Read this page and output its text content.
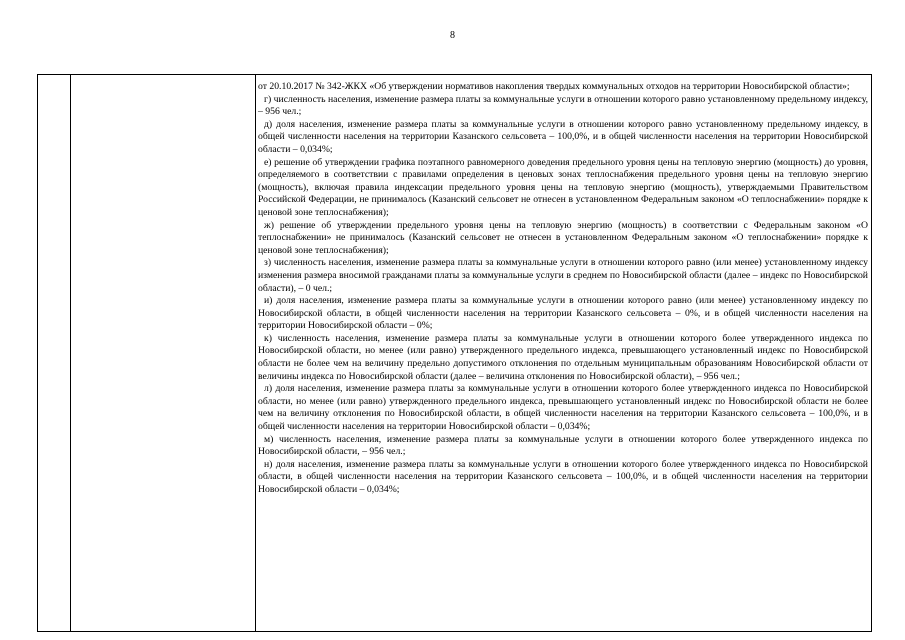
8

от 20.10.2017 № 342-ЖКХ «Об утверждении нормативов накопления твердых коммунальных отходов на территории Новосибирской области»;

г) численность населения, изменение размера платы за коммунальные услуги в отношении которого равно установленному предельному индексу, – 956 чел.;

д) доля населения, изменение размера платы за коммунальные услуги в отношении которого равно установленному предельному индексу, в общей численности населения на территории Казанского сельсовета – 100,0%, и в общей численности населения на территории Новосибирской области – 0,034%;

е) решение об утверждении графика поэтапного равномерного доведения предельного уровня цены на тепловую энергию (мощность) до уровня, определяемого в соответствии с правилами определения в ценовых зонах теплоснабжения предельного уровня цены на тепловую энергию (мощность), включая правила индексации предельного уровня цены на тепловую энергию (мощность), утверждаемыми Правительством Российской Федерации, не принималось (Казанский сельсовет не отнесен в установленном Федеральным законом «О теплоснабжении» порядке к ценовой зоне теплоснабжения);

ж) решение об утверждении предельного уровня цены на тепловую энергию (мощность) в соответствии с Федеральным законом «О теплоснабжении» не принималось (Казанский сельсовет не отнесен в установленном Федеральным законом «О теплоснабжении» порядке к ценовой зоне теплоснабжения);

з) численность населения, изменение размера платы за коммунальные услуги в отношении которого равно (или менее) установленному индексу изменения размера вносимой гражданами платы за коммунальные услуги в среднем по Новосибирской области (далее – индекс по Новосибирской области), – 0 чел.;

и) доля населения, изменение размера платы за коммунальные услуги в отношении которого равно (или менее) установленному индексу по Новосибирской области, в общей численности населения на территории Казанского сельсовета – 0%, и в общей численности населения на территории Новосибирской области – 0%;

к) численность населения, изменение размера платы за коммунальные услуги в отношении которого более утвержденного индекса по Новосибирской области, но менее (или равно) утвержденного предельного индекса, превышающего установленный индекс по Новосибирской области не более чем на величину предельно допустимого отклонения по отдельным муниципальным образованиям Новосибирской области от величины индекса по Новосибирской области (далее – величина отклонения по Новосибирской области), – 956 чел.;

л) доля населения, изменение размера платы за коммунальные услуги в отношении которого более утвержденного индекса по Новосибирской области, но менее (или равно) утвержденного предельного индекса, превышающего установленный индекс по Новосибирской области не более чем на величину отклонения по Новосибирской области, в общей численности населения на территории Казанского сельсовета – 100,0%, и в общей численности населения на территории Новосибирской области – 0,034%;

м) численность населения, изменение размера платы за коммунальные услуги в отношении которого более утвержденного индекса по Новосибирской области, – 956 чел.;

н) доля населения, изменение размера платы за коммунальные услуги в отношении которого более утвержденного индекса по Новосибирской области, в общей численности населения на территории Казанского сельсовета – 100,0%, и в общей численности населения на территории Новосибирской области – 0,034%;
